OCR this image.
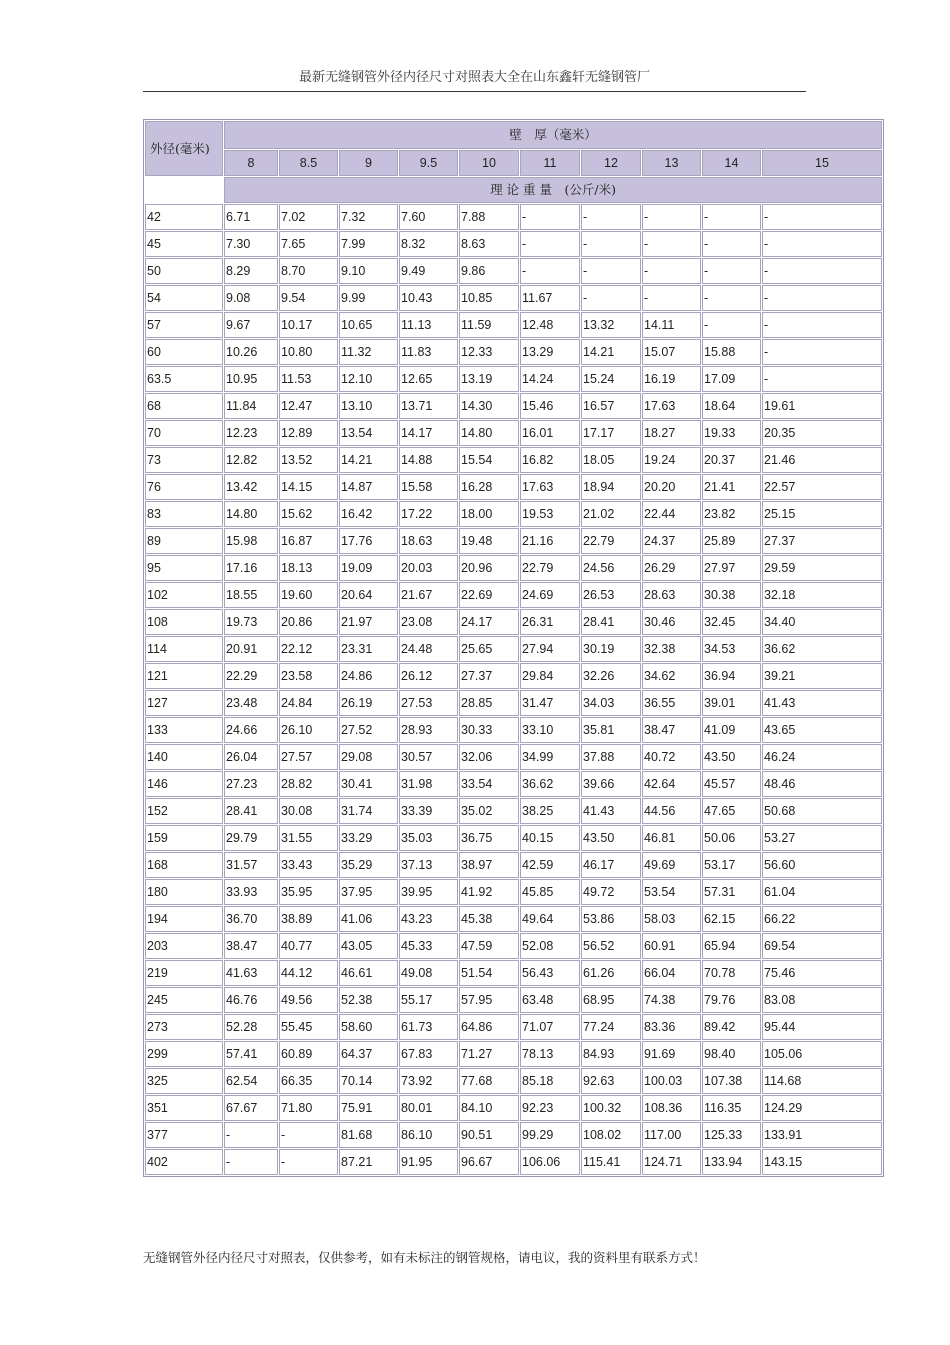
最新无缝钢管外径内径尺寸对照表大全在山东鑫轩无缝钢管厂
外径(毫米)	壁　厚（毫米）									
	8	8.5	9	9.5	10	11	12	13	14	15
	理 论 重 量　(公斤/米)									
42	6.71	7.02	7.32	7.60	7.88	-	-	-	-	-
45	7.30	7.65	7.99	8.32	8.63	-	-	-	-	-
50	8.29	8.70	9.10	9.49	9.86	-	-	-	-	-
54	9.08	9.54	9.99	10.43	10.85	11.67	-	-	-	-
57	9.67	10.17	10.65	11.13	11.59	12.48	13.32	14.11	-	-
60	10.26	10.80	11.32	11.83	12.33	13.29	14.21	15.07	15.88	-
63.5	10.95	11.53	12.10	12.65	13.19	14.24	15.24	16.19	17.09	-
68	11.84	12.47	13.10	13.71	14.30	15.46	16.57	17.63	18.64	19.61
70	12.23	12.89	13.54	14.17	14.80	16.01	17.17	18.27	19.33	20.35
73	12.82	13.52	14.21	14.88	15.54	16.82	18.05	19.24	20.37	21.46
76	13.42	14.15	14.87	15.58	16.28	17.63	18.94	20.20	21.41	22.57
83	14.80	15.62	16.42	17.22	18.00	19.53	21.02	22.44	23.82	25.15
89	15.98	16.87	17.76	18.63	19.48	21.16	22.79	24.37	25.89	27.37
95	17.16	18.13	19.09	20.03	20.96	22.79	24.56	26.29	27.97	29.59
102	18.55	19.60	20.64	21.67	22.69	24.69	26.53	28.63	30.38	32.18
108	19.73	20.86	21.97	23.08	24.17	26.31	28.41	30.46	32.45	34.40
114	20.91	22.12	23.31	24.48	25.65	27.94	30.19	32.38	34.53	36.62
121	22.29	23.58	24.86	26.12	27.37	29.84	32.26	34.62	36.94	39.21
127	23.48	24.84	26.19	27.53	28.85	31.47	34.03	36.55	39.01	41.43
133	24.66	26.10	27.52	28.93	30.33	33.10	35.81	38.47	41.09	43.65
140	26.04	27.57	29.08	30.57	32.06	34.99	37.88	40.72	43.50	46.24
146	27.23	28.82	30.41	31.98	33.54	36.62	39.66	42.64	45.57	48.46
152	28.41	30.08	31.74	33.39	35.02	38.25	41.43	44.56	47.65	50.68
159	29.79	31.55	33.29	35.03	36.75	40.15	43.50	46.81	50.06	53.27
168	31.57	33.43	35.29	37.13	38.97	42.59	46.17	49.69	53.17	56.60
180	33.93	35.95	37.95	39.95	41.92	45.85	49.72	53.54	57.31	61.04
194	36.70	38.89	41.06	43.23	45.38	49.64	53.86	58.03	62.15	66.22
203	38.47	40.77	43.05	45.33	47.59	52.08	56.52	60.91	65.94	69.54
219	41.63	44.12	46.61	49.08	51.54	56.43	61.26	66.04	70.78	75.46
245	46.76	49.56	52.38	55.17	57.95	63.48	68.95	74.38	79.76	83.08
273	52.28	55.45	58.60	61.73	64.86	71.07	77.24	83.36	89.42	95.44
299	57.41	60.89	64.37	67.83	71.27	78.13	84.93	91.69	98.40	105.06
325	62.54	66.35	70.14	73.92	77.68	85.18	92.63	100.03	107.38	114.68
351	67.67	71.80	75.91	80.01	84.10	92.23	100.32	108.36	116.35	124.29
377	-	-	81.68	86.10	90.51	99.29	108.02	117.00	125.33	133.91
402	-	-	87.21	91.95	96.67	106.06	115.41	124.71	133.94	143.15
无缝钢管外径内径尺寸对照表，仅供参考，如有未标注的钢管规格，请电议，我的资料里有联系方式！
